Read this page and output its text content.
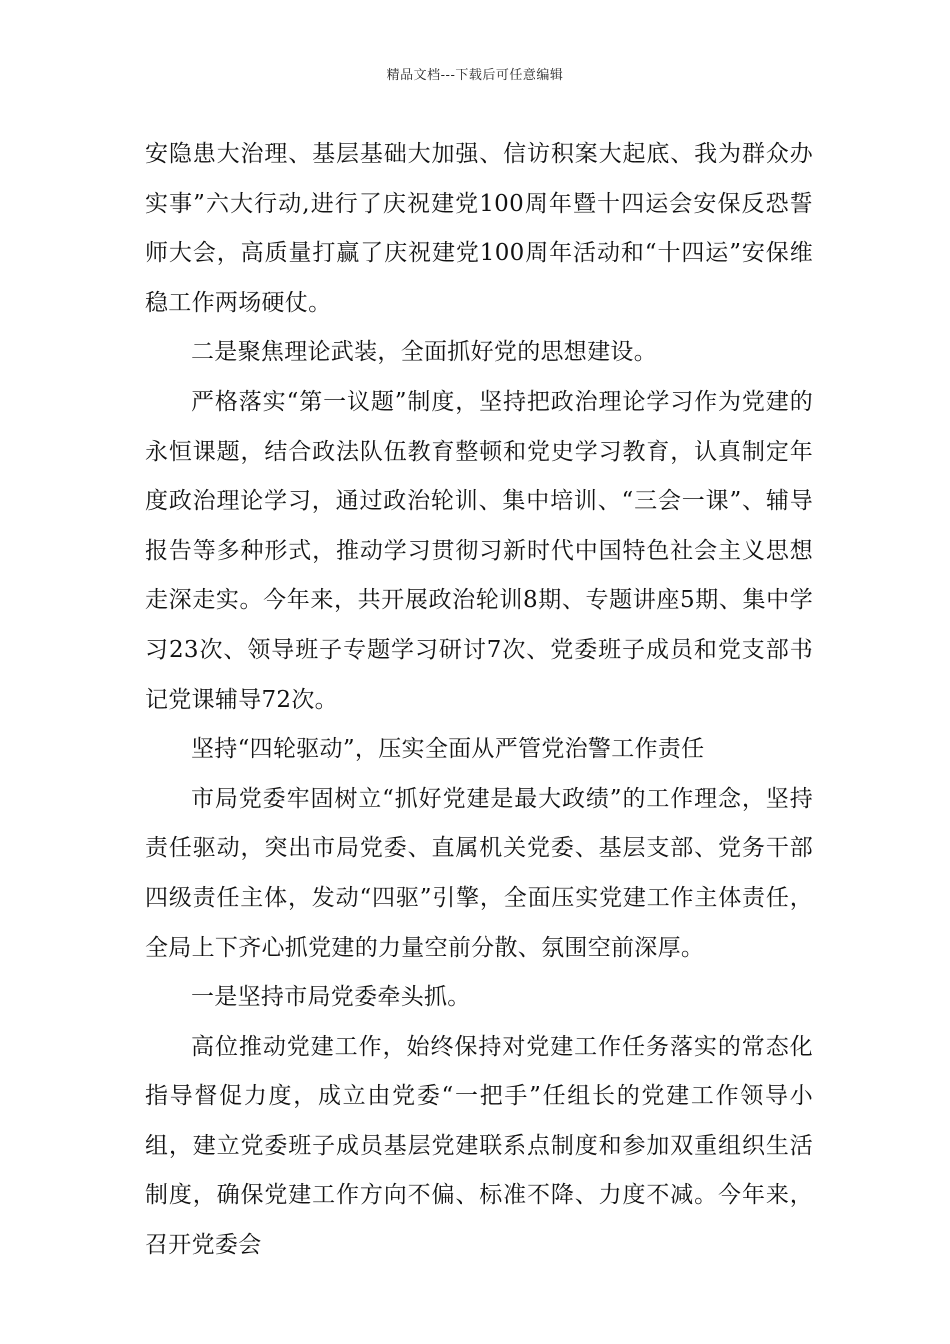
精品文档---下载后可任意编辑

安隐患大治理、基层基础大加强、信访积案大起底、我为群众办实事”六大行动,进行了庆祝建党100周年暨十四运会安保反恐誓师大会，高质量打赢了庆祝建党100周年活动和“十四运”安保维稳工作两场硬仗。

二是聚焦理论武装，全面抓好党的思想建设。

严格落实“第一议题”制度，坚持把政治理论学习作为党建的永恒课题，结合政法队伍教育整顿和党史学习教育，认真制定年度政治理论学习，通过政治轮训、集中培训、“三会一课”、辅导报告等多种形式，推动学习贯彻习新时代中国特色社会主义思想走深走实。今年来，共开展政治轮训8期、专题讲座5期、集中学习23次、领导班子专题学习研讨7次、党委班子成员和党支部书记党课辅导72次。

坚持“四轮驱动”，压实全面从严管党治警工作责任

市局党委牢固树立“抓好党建是最大政绩”的工作理念，坚持责任驱动，突出市局党委、直属机关党委、基层支部、党务干部四级责任主体，发动“四驱”引擎，全面压实党建工作主体责任，全局上下齐心抓党建的力量空前分散、氛围空前深厚。

一是坚持市局党委牵头抓。

高位推动党建工作，始终保持对党建工作任务落实的常态化指导督促力度，成立由党委“一把手”任组长的党建工作领导小组，建立党委班子成员基层党建联系点制度和参加双重组织生活制度，确保党建工作方向不偏、标准不降、力度不减。今年来，召开党委会
